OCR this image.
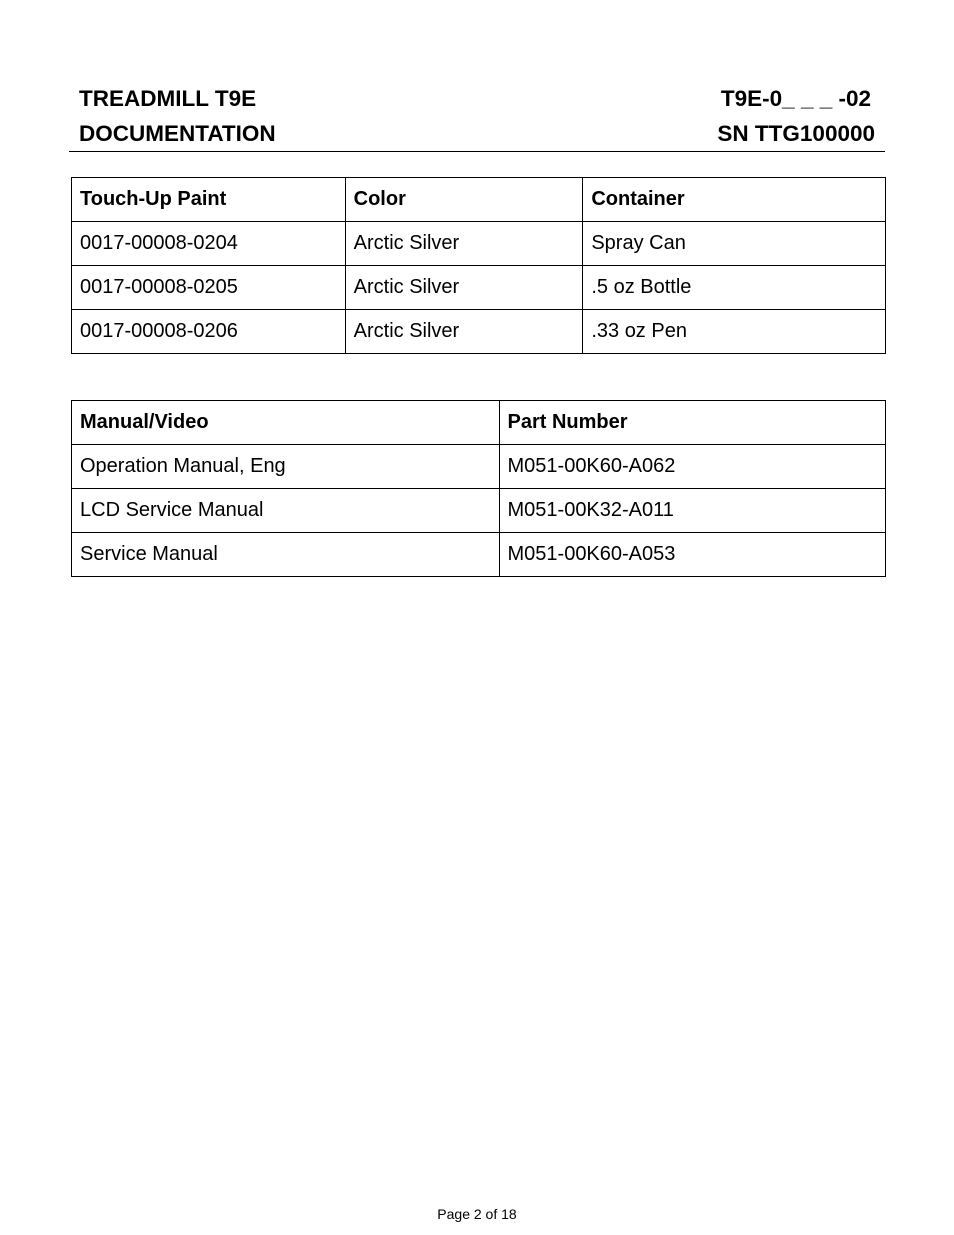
TREADMILL T9E	T9E-0_ _ _ -02
DOCUMENTATION	SN TTG100000
Touch-Up Paint	Color	Container
0017-00008-0204	Arctic Silver	Spray Can
0017-00008-0205	Arctic Silver	.5 oz Bottle
0017-00008-0206	Arctic Silver	.33 oz Pen
Manual/Video	Part Number
Operation Manual, Eng	M051-00K60-A062
LCD Service Manual	M051-00K32-A011
Service Manual	M051-00K60-A053
Page 2 of 18
